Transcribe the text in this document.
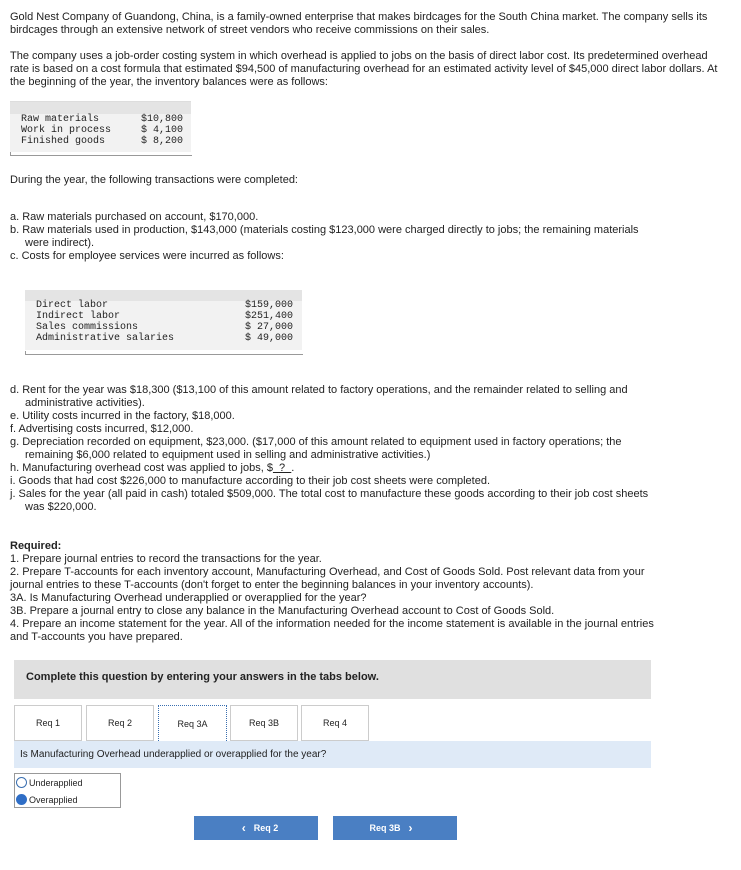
Gold Nest Company of Guandong, China, is a family-owned enterprise that makes birdcages for the South China market. The company sells its birdcages through an extensive network of street vendors who receive commissions on their sales.

The company uses a job-order costing system in which overhead is applied to jobs on the basis of direct labor cost. Its predetermined overhead rate is based on a cost formula that estimated $94,500 of manufacturing overhead for an estimated activity level of $45,000 direct labor dollars. At the beginning of the year, the inventory balances were as follows:

Raw materials	$10,800
Work in process	$ 4,100
Finished goods	$ 8,200

During the year, the following transactions were completed:

a. Raw materials purchased on account, $170,000.
b. Raw materials used in production, $143,000 (materials costing $123,000 were charged directly to jobs; the remaining materials
were indirect).
c. Costs for employee services were incurred as follows:
Direct labor	$159,000
Indirect labor	$251,400
Sales commissions	$ 27,000
Administrative salaries	$ 49,000
d. Rent for the year was $18,300 ($13,100 of this amount related to factory operations, and the remainder related to selling and
administrative activities).
e. Utility costs incurred in the factory, $18,000.
f. Advertising costs incurred, $12,000.
g. Depreciation recorded on equipment, $23,000. ($17,000 of this amount related to equipment used in factory operations; the
remaining $6,000 related to equipment used in selling and administrative activities.)
h. Manufacturing overhead cost was applied to jobs, $  ?  .
i. Goods that had cost $226,000 to manufacture according to their job cost sheets were completed.
j. Sales for the year (all paid in cash) totaled $509,000. The total cost to manufacture these goods according to their job cost sheets
was $220,000.
Required:
1. Prepare journal entries to record the transactions for the year.
2. Prepare T-accounts for each inventory account, Manufacturing Overhead, and Cost of Goods Sold. Post relevant data from your
journal entries to these T-accounts (don't forget to enter the beginning balances in your inventory accounts).
3A. Is Manufacturing Overhead underapplied or overapplied for the year?
3B. Prepare a journal entry to close any balance in the Manufacturing Overhead account to Cost of Goods Sold.
4. Prepare an income statement for the year. All of the information needed for the income statement is available in the journal entries
and T-accounts you have prepared.
Complete this question by entering your answers in the tabs below.
Req 1	Req 2	Req 3A	Req 3B	Req 4
Is Manufacturing Overhead underapplied or overapplied for the year?
Underapplied
Overapplied
‹ Req 2	Req 3B ›
